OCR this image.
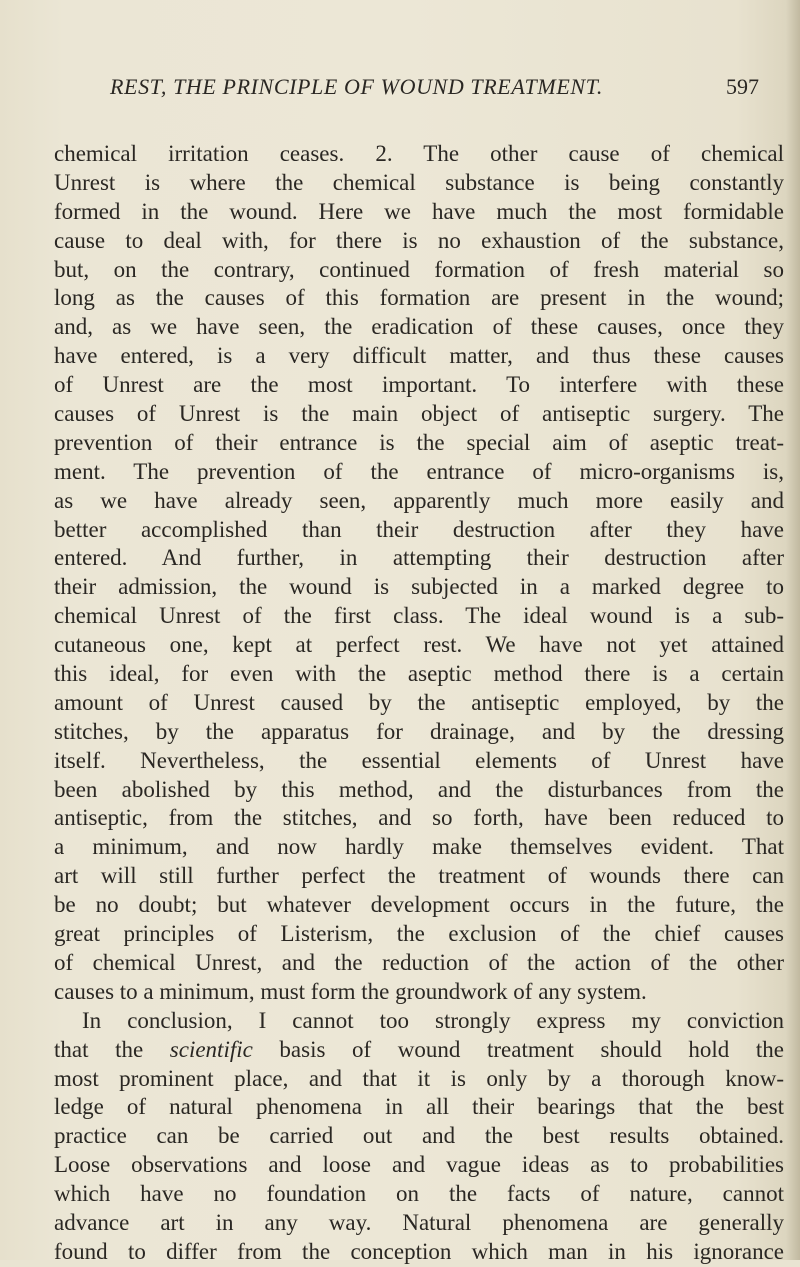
REST, THE PRINCIPLE OF WOUND TREATMENT.	597
chemical irritation ceases. 2. The other cause of chemical
Unrest is where the chemical substance is being constantly
formed in the wound. Here we have much the most formidable
cause to deal with, for there is no exhaustion of the substance,
but, on the contrary, continued formation of fresh material so
long as the causes of this formation are present in the wound;
and, as we have seen, the eradication of these causes, once they
have entered, is a very difficult matter, and thus these causes
of Unrest are the most important. To interfere with these
causes of Unrest is the main object of antiseptic surgery. The
prevention of their entrance is the special aim of aseptic treat-
ment. The prevention of the entrance of micro-organisms is,
as we have already seen, apparently much more easily and
better accomplished than their destruction after they have
entered. And further, in attempting their destruction after
their admission, the wound is subjected in a marked degree to
chemical Unrest of the first class. The ideal wound is a sub-
cutaneous one, kept at perfect rest. We have not yet attained
this ideal, for even with the aseptic method there is a certain
amount of Unrest caused by the antiseptic employed, by the
stitches, by the apparatus for drainage, and by the dressing
itself. Nevertheless, the essential elements of Unrest have
been abolished by this method, and the disturbances from the
antiseptic, from the stitches, and so forth, have been reduced to
a minimum, and now hardly make themselves evident. That
art will still further perfect the treatment of wounds there can
be no doubt; but whatever development occurs in the future, the
great principles of Listerism, the exclusion of the chief causes
of chemical Unrest, and the reduction of the action of the other
causes to a minimum, must form the groundwork of any system.
In conclusion, I cannot too strongly express my conviction
that the scientific basis of wound treatment should hold the
most prominent place, and that it is only by a thorough know-
ledge of natural phenomena in all their bearings that the best
practice can be carried out and the best results obtained.
Loose observations and loose and vague ideas as to probabilities
which have no foundation on the facts of nature, cannot
advance art in any way. Natural phenomena are generally
found to differ from the conception which man in his ignorance
